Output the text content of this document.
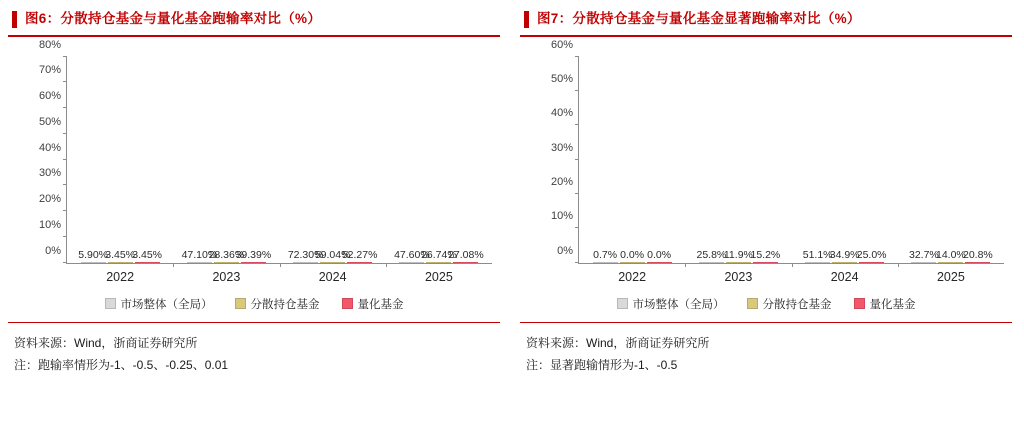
图6：分散持仓基金与量化基金跑输率对比（%）
0%
10%
20%
30%
40%
50%
60%
70%
80%
5.90%
3.45%
3.45%
2022
47.10%
28.36%
39.39%
2023
72.30%
59.04%
52.27%
2024
47.60%
26.74%
27.08%
2025
市场整体（全局）	分散持仓基金	量化基金
资料来源：Wind，浙商证券研究所
注：跑输率情形为-1、-0.5、-0.25、0.01
图7：分散持仓基金与量化基金显著跑输率对比（%）
0%
10%
20%
30%
40%
50%
60%
0.7% 0.0% 0.0%
2022
25.8%
11.9%
15.2%
2023
51.1%
34.9%
25.0%
2024
32.7%
14.0%
20.8%
2025
市场整体（全局）	分散持仓基金	量化基金
资料来源：Wind，浙商证券研究所
注：显著跑输情形为-1、-0.5
